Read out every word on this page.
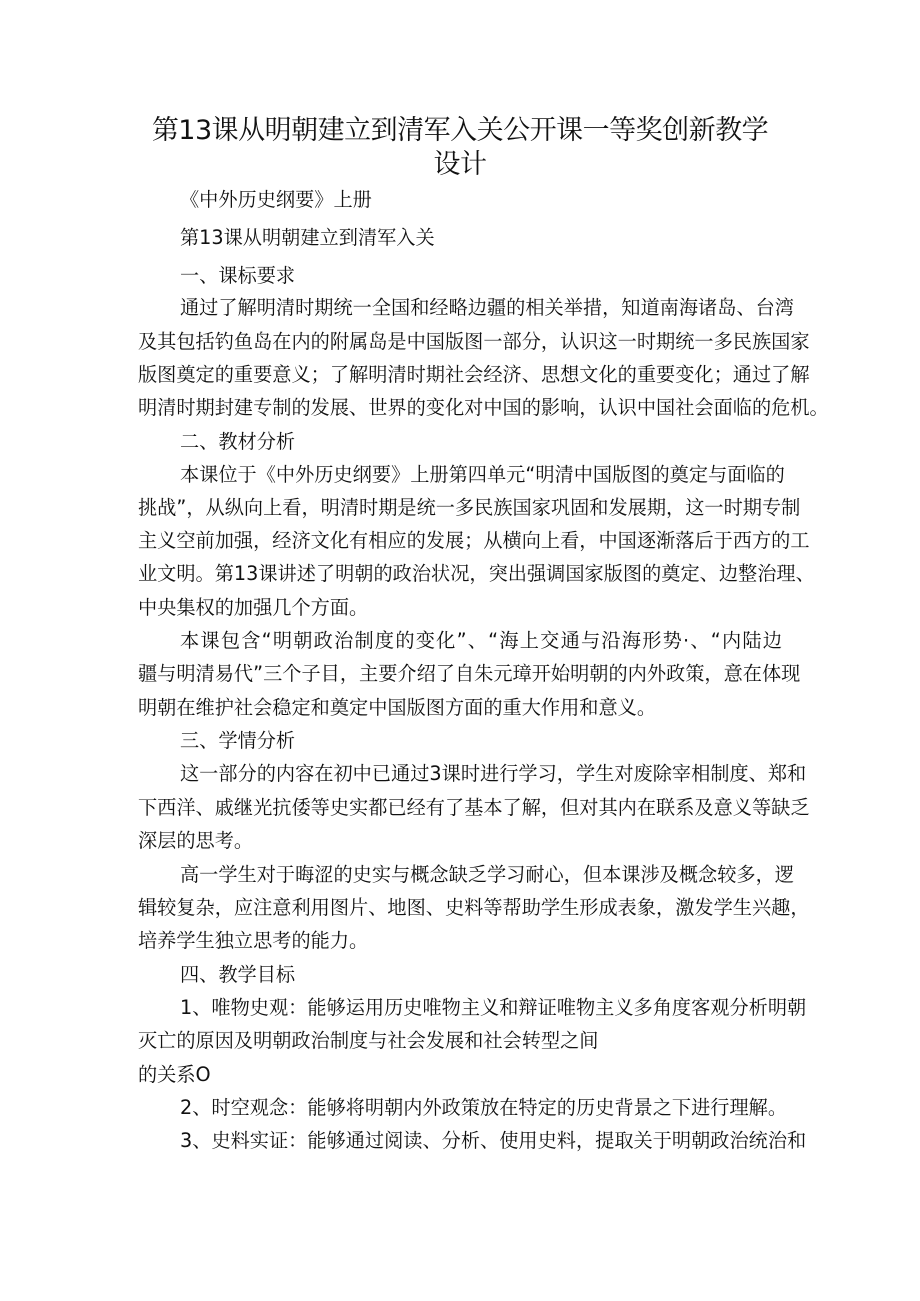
第13课从明朝建立到清军入关公开课一等奖创新教学
设计
《中外历史纲要》上册
第13课从明朝建立到清军入关
一、课标要求
通过了解明清时期统一全国和经略边疆的相关举措，知道南海诸岛、台湾
及其包括钓鱼岛在内的附属岛是中国版图一部分，认识这一时期统一多民族国家
版图奠定的重要意义；了解明清时期社会经济、思想文化的重要变化；通过了解
明清时期封建专制的发展、世界的变化对中国的影响，认识中国社会面临的危机。
二、教材分析
本课位于《中外历史纲要》上册第四单元“明清中国版图的奠定与面临的
挑战”，从纵向上看，明清时期是统一多民族国家巩固和发展期，这一时期专制
主义空前加强，经济文化有相应的发展；从横向上看，中国逐渐落后于西方的工
业文明。第13课讲述了明朝的政治状况，突出强调国家版图的奠定、边整治理、
中央集权的加强几个方面。
本课包含“明朝政治制度的变化”、“海上交通与沿海形势·、“内陆边
疆与明清易代”三个子目，主要介绍了自朱元璋开始明朝的内外政策，意在体现
明朝在维护社会稳定和奠定中国版图方面的重大作用和意义。
三、学情分析
这一部分的内容在初中已通过3课时进行学习，学生对废除宰相制度、郑和
下西洋、戚继光抗倭等史实都已经有了基本了解，但对其内在联系及意义等缺乏
深层的思考。
高一学生对于晦涩的史实与概念缺乏学习耐心，但本课涉及概念较多，逻
辑较复杂，应注意利用图片、地图、史料等帮助学生形成表象，激发学生兴趣，
培养学生独立思考的能力。
四、教学目标
1、唯物史观：能够运用历史唯物主义和辩证唯物主义多角度客观分析明朝
灭亡的原因及明朝政治制度与社会发展和社会转型之间
的关系O
2、时空观念：能够将明朝内外政策放在特定的历史背景之下进行理解。
3、史料实证：能够通过阅读、分析、使用史料，提取关于明朝政治统治和
